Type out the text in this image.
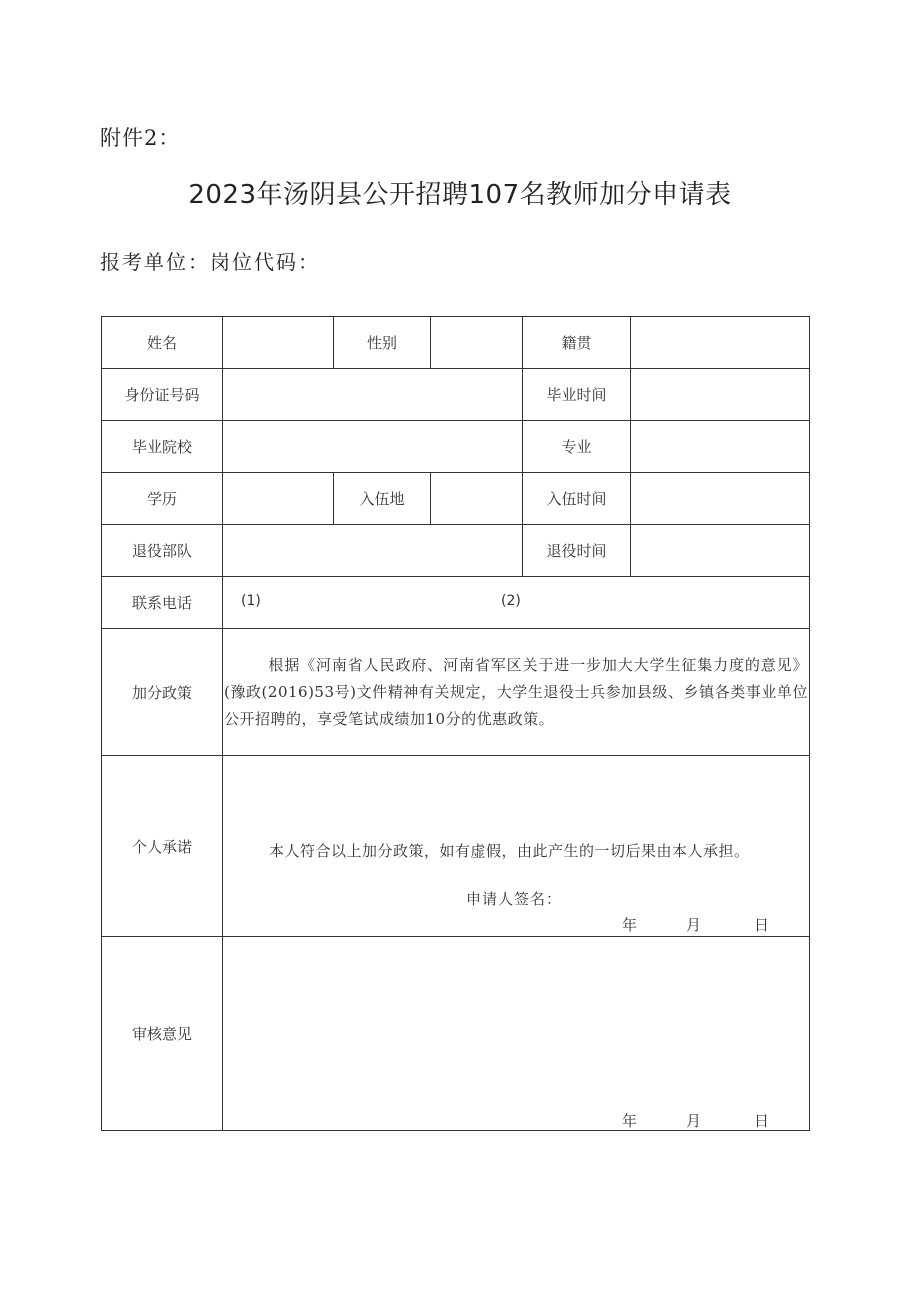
附件2：
2023年汤阴县公开招聘107名教师加分申请表
报考单位：岗位代码：
姓名		性别		籍贯	
身份证号码				毕业时间	
毕业院校				专业	
学历		入伍地		入伍时间	
退役部队				退役时间	
联系电话	(1) (2)				

加分政策	根据《河南省人民政府、河南省军区关于进一步加大大学生征集力度的意见》(豫政(2016)53号)文件精神有关规定，大学生退役士兵参加县级、乡镇各类事业单位公开招聘的，享受笔试成绩加10分的优惠政策。				

个人承诺	本人符合以上加分政策，如有虚假，由此产生的一切后果由本人承担。
申请人签名：
年 月 日				

审核意见	年 月 日				
